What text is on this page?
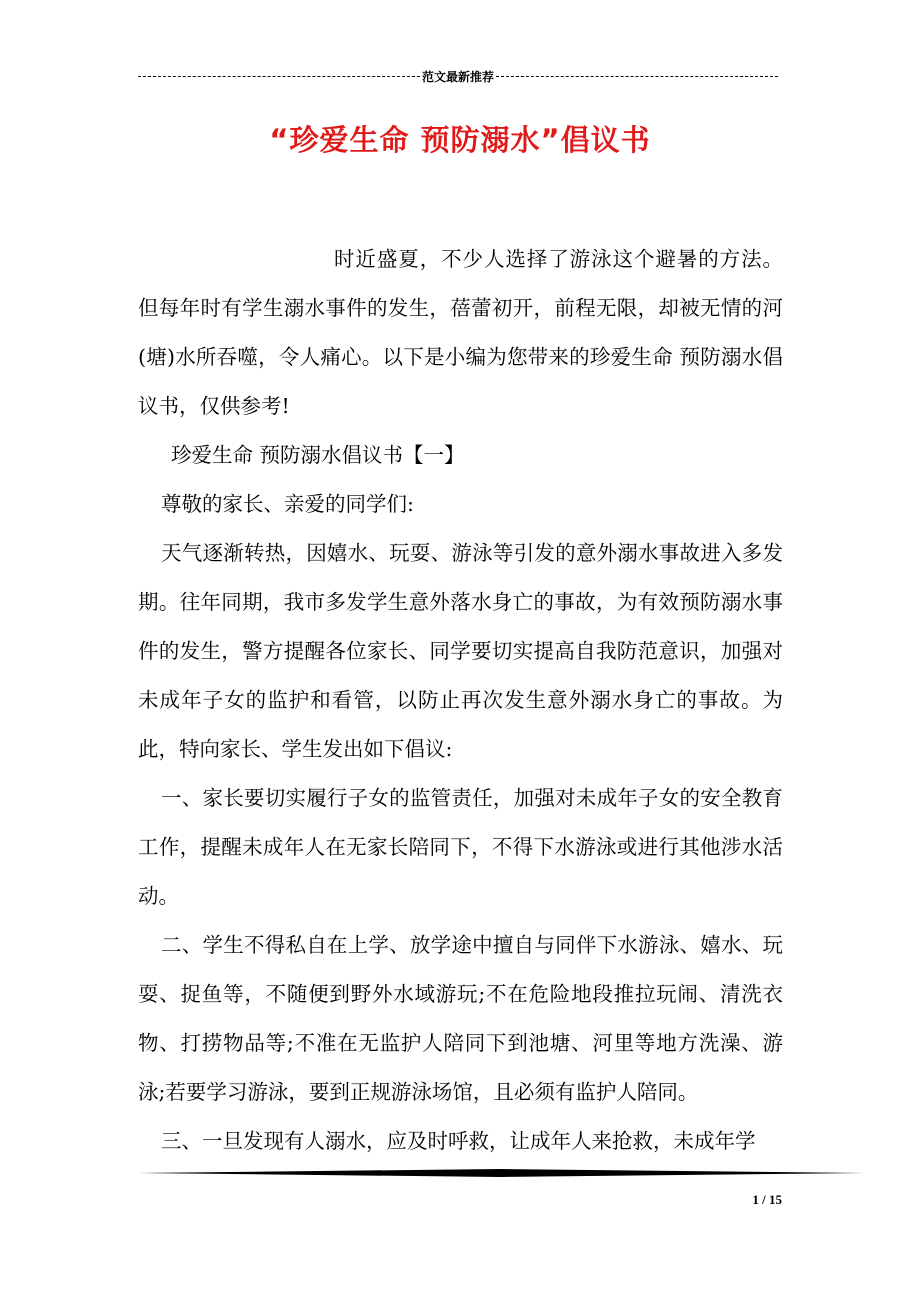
范文最新推荐
“珍爱生命 预防溺水”倡议书

时近盛夏，不少人选择了游泳这个避暑的方法。但每年时有学生溺水事件的发生，蓓蕾初开，前程无限，却被无情的河(塘)水所吞噬，令人痛心。以下是小编为您带来的珍爱生命 预防溺水倡议书，仅供参考!

珍爱生命 预防溺水倡议书【一】

尊敬的家长、亲爱的同学们:

天气逐渐转热，因嬉水、玩耍、游泳等引发的意外溺水事故进入多发期。往年同期，我市多发学生意外落水身亡的事故，为有效预防溺水事件的发生，警方提醒各位家长、同学要切实提高自我防范意识，加强对未成年子女的监护和看管，以防止再次发生意外溺水身亡的事故。为此，特向家长、学生发出如下倡议:

一、家长要切实履行子女的监管责任，加强对未成年子女的安全教育工作，提醒未成年人在无家长陪同下，不得下水游泳或进行其他涉水活动。

二、学生不得私自在上学、放学途中擅自与同伴下水游泳、嬉水、玩耍、捉鱼等，不随便到野外水域游玩;不在危险地段推拉玩闹、清洗衣物、打捞物品等;不准在无监护人陪同下到池塘、河里等地方洗澡、游泳;若要学习游泳，要到正规游泳场馆，且必须有监护人陪同。

三、一旦发现有人溺水，应及时呼救，让成年人来抢救，未成年学

1 / 15
